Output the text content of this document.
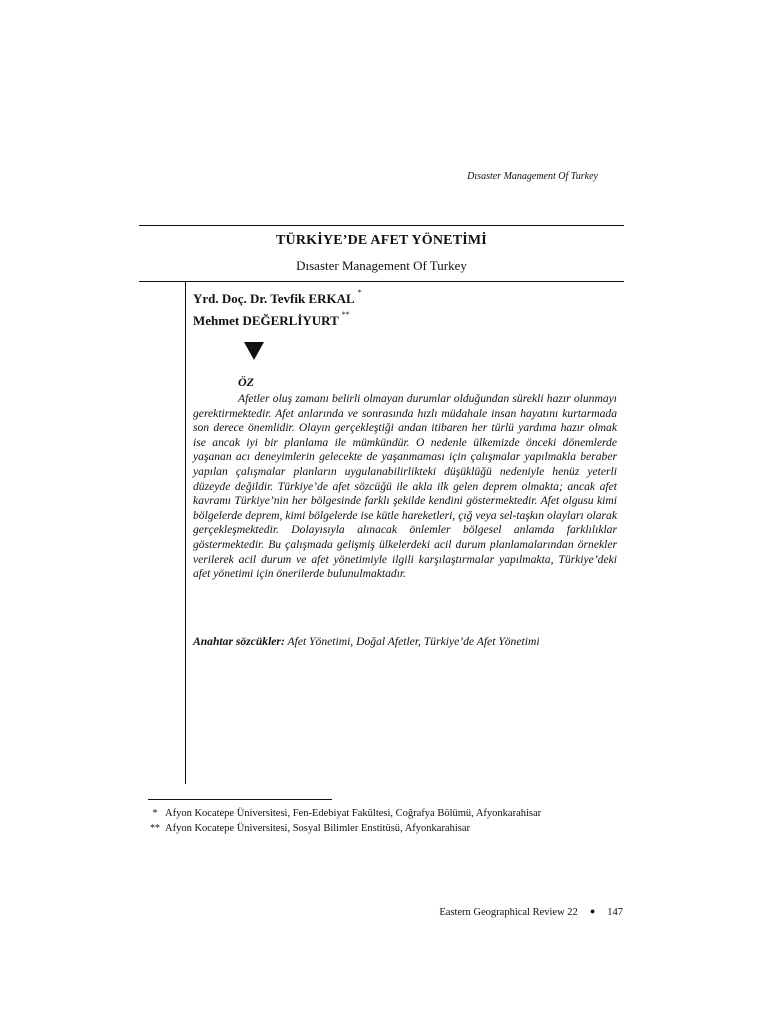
Dısaster Management Of Turkey
TÜRKİYE’DE AFET YÖNETİMİ
Dısaster Management Of Turkey
Yrd. Doç. Dr. Tevfik ERKAL *
Mehmet DEĞERLİYURT **
ÖZ
Afetler oluş zamanı belirli olmayan durumlar olduğundan sürekli hazır olunmayı gerektirmektedir. Afet anlarında ve sonrasında hızlı müdahale insan hayatını kurtarmada son derece önemlidir. Olayın gerçekleştiği andan itibaren her türlü yardıma hazır olmak ise ancak iyi bir planlama ile mümkündür. O nedenle ülkemizde önceki dönemlerde yaşanan acı deneyimlerin gelecekte de yaşanmaması için çalışmalar yapılmakla beraber yapılan çalışmalar planların uygulanabilirlikteki düşüklüğü nedeniyle henüz yeterli düzeyde değildir. Türkiye’de afet sözcüğü ile akla ilk gelen deprem olmakta; ancak afet kavramı Türkiye’nin her bölgesinde farklı şekilde kendini göstermektedir. Afet olgusu kimi bölgelerde deprem, kimi bölgelerde ise kütle hareketleri, çığ veya sel-taşkın olayları olarak gerçekleşmektedir. Dolayısıyla alınacak önlemler bölgesel anlamda farklılıklar göstermektedir. Bu çalışmada gelişmiş ülkelerdeki acil durum planlamalarından örnekler verilerek acil durum ve afet yönetimiyle ilgili karşılaştırmalar yapılmakta, Türkiye’deki afet yönetimi için önerilerde bulunulmaktadır.
Anahtar sözcükler: Afet Yönetimi, Doğal Afetler, Türkiye’de Afet Yönetimi
* Afyon Kocatepe Üniversitesi, Fen-Edebiyat Fakültesi, Coğrafya Bölümü, Afyonkarahisar
** Afyon Kocatepe Üniversitesi, Sosyal Bilimler Enstitüsü, Afyonkarahisar
Eastern Geographical Review 22 ● 147
